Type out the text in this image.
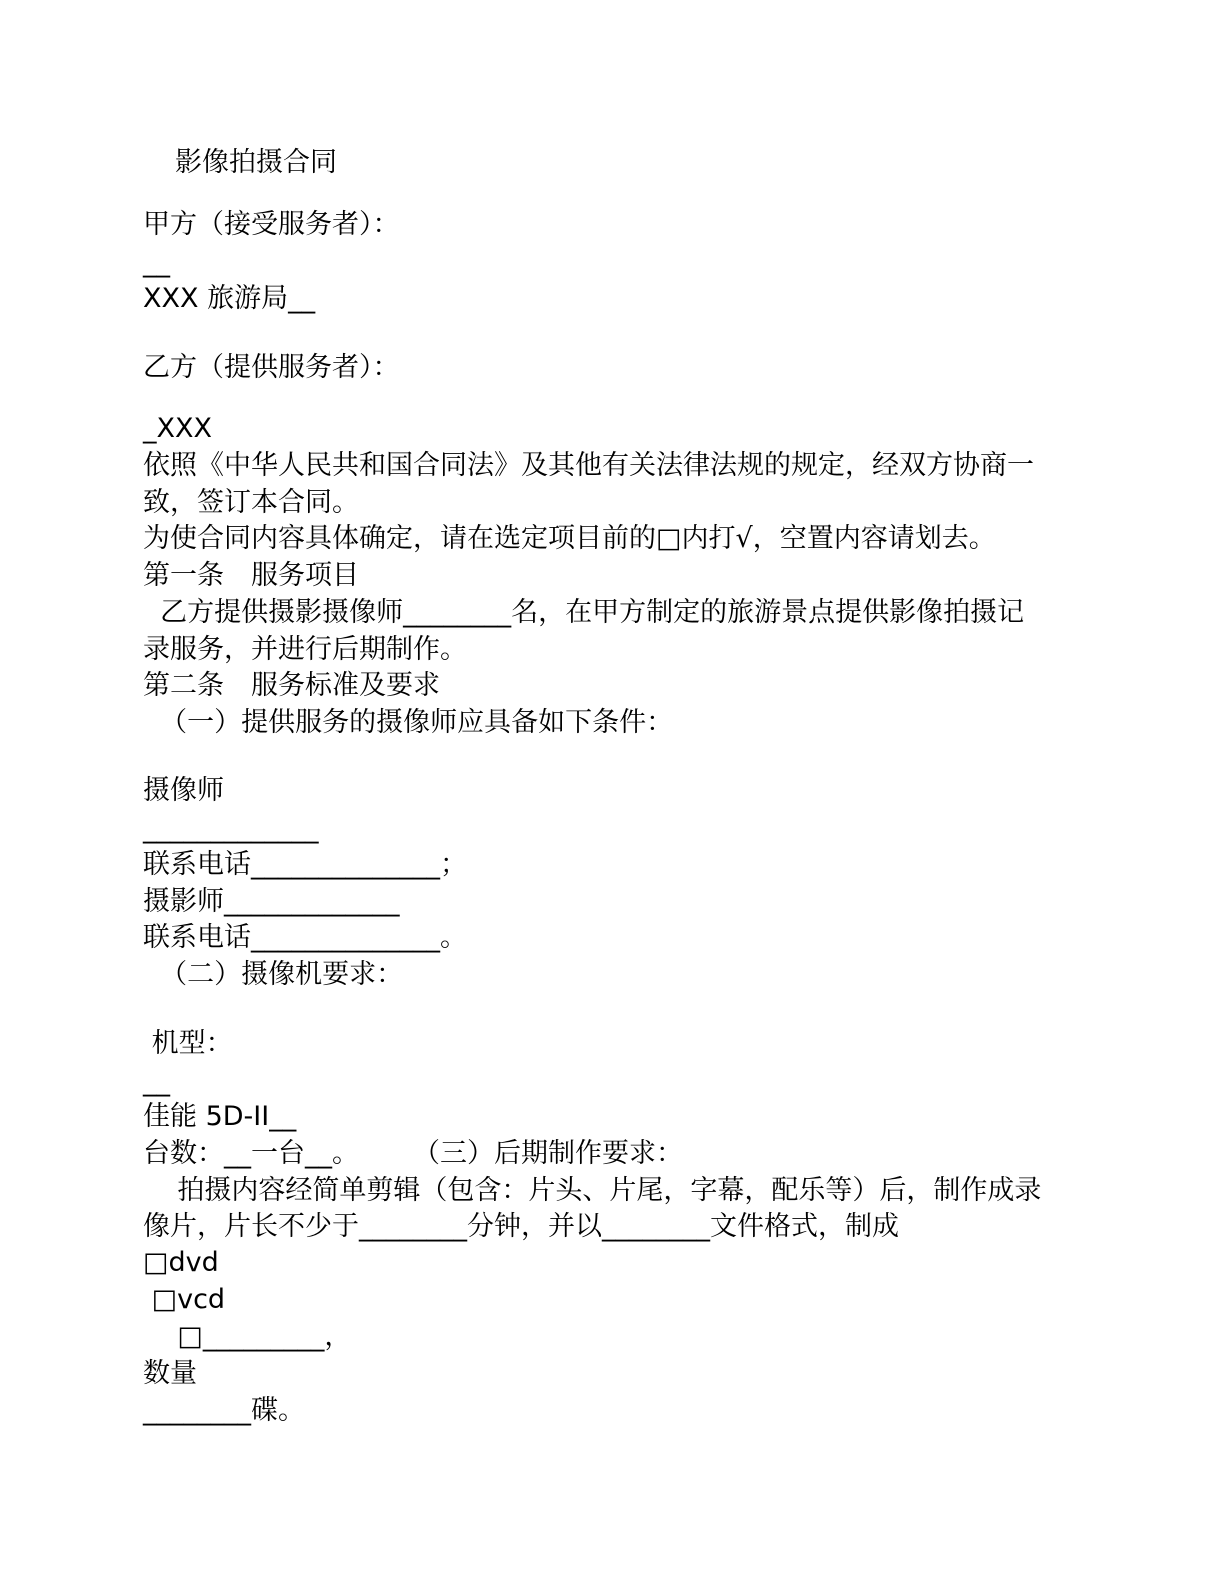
影像拍摄合同
甲方（接受服务者）：
__
XXX 旅游局__
乙方（提供服务者）：
_XXX
依照《中华人民共和国合同法》及其他有关法律法规的规定，经双方协商一
致，签订本合同。
为使合同内容具体确定，请在选定项目前的□内打√，空置内容请划去。
第一条　服务项目
乙方提供摄影摄像师________名，在甲方制定的旅游景点提供影像拍摄记
录服务，并进行后期制作。
第二条　服务标准及要求
（一）提供服务的摄像师应具备如下条件：
摄像师
_____________
联系电话______________；
摄影师_____________
联系电话______________。
（二）摄像机要求：
机型：
__
佳能 5D-II__
台数：__一台__。　　　（三）后期制作要求：
拍摄内容经简单剪辑（包含：片头、片尾，字幕，配乐等）后，制作成录
像片，片长不少于________分钟，并以________文件格式，制成
□dvd
□vcd
□_________，
数量
________碟。
